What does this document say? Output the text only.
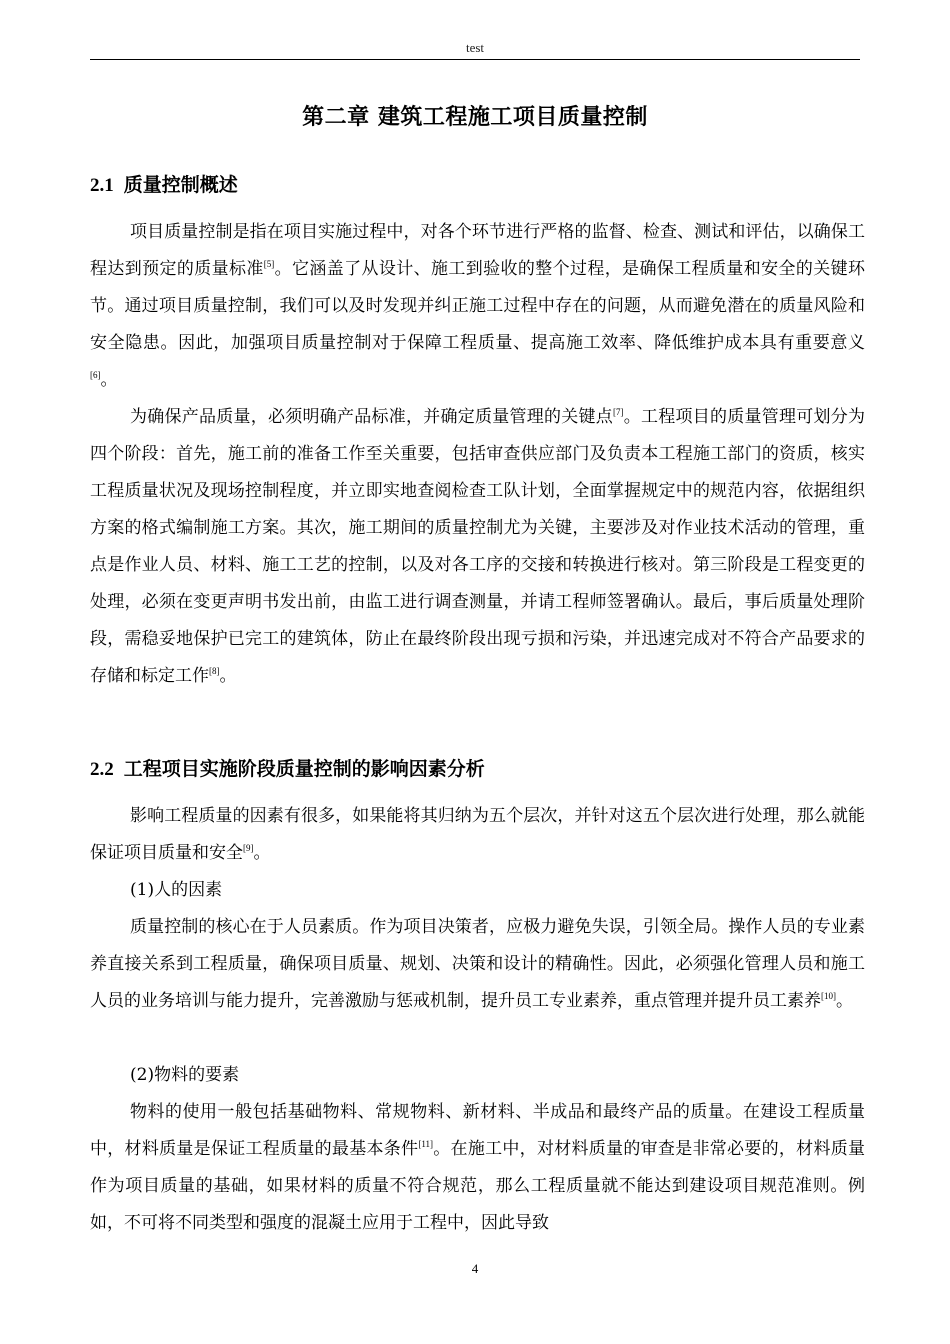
test
第二章 建筑工程施工项目质量控制
2.1 质量控制概述

项目质量控制是指在项目实施过程中，对各个环节进行严格的监督、检查、测试和评估，以确保工程达到预定的质量标准[5]。它涵盖了从设计、施工到验收的整个过程，是确保工程质量和安全的关键环节。通过项目质量控制，我们可以及时发现并纠正施工过程中存在的问题，从而避免潜在的质量风险和安全隐患。因此，加强项目质量控制对于保障工程质量、提高施工效率、降低维护成本具有重要意义[6]。

为确保产品质量，必须明确产品标准，并确定质量管理的关键点[7]。工程项目的质量管理可划分为四个阶段：首先，施工前的准备工作至关重要，包括审查供应部门及负责本工程施工部门的资质，核实工程质量状况及现场控制程度，并立即实地查阅检查工队计划，全面掌握规定中的规范内容，依据组织方案的格式编制施工方案。其次，施工期间的质量控制尤为关键，主要涉及对作业技术活动的管理，重点是作业人员、材料、施工工艺的控制，以及对各工序的交接和转换进行核对。第三阶段是工程变更的处理，必须在变更声明书发出前，由监工进行调查测量，并请工程师签署确认。最后，事后质量处理阶段，需稳妥地保护已完工的建筑体，防止在最终阶段出现亏损和污染，并迅速完成对不符合产品要求的存储和标定工作[8]。

2.2 工程项目实施阶段质量控制的影响因素分析

影响工程质量的因素有很多，如果能将其归纳为五个层次，并针对这五个层次进行处理，那么就能保证项目质量和安全[9]。

(1)人的因素

质量控制的核心在于人员素质。作为项目决策者，应极力避免失误，引领全局。操作人员的专业素养直接关系到工程质量，确保项目质量、规划、决策和设计的精确性。因此，必须强化管理人员和施工人员的业务培训与能力提升，完善激励与惩戒机制，提升员工专业素养，重点管理并提升员工素养[10]。

(2)物料的要素

物料的使用一般包括基础物料、常规物料、新材料、半成品和最终产品的质量。在建设工程质量中，材料质量是保证工程质量的最基本条件[11]。在施工中，对材料质量的审查是非常必要的，材料质量作为项目质量的基础，如果材料的质量不符合规范，那么工程质量就不能达到建设项目规范准则。例如，不可将不同类型和强度的混凝土应用于工程中，因此导致

4
